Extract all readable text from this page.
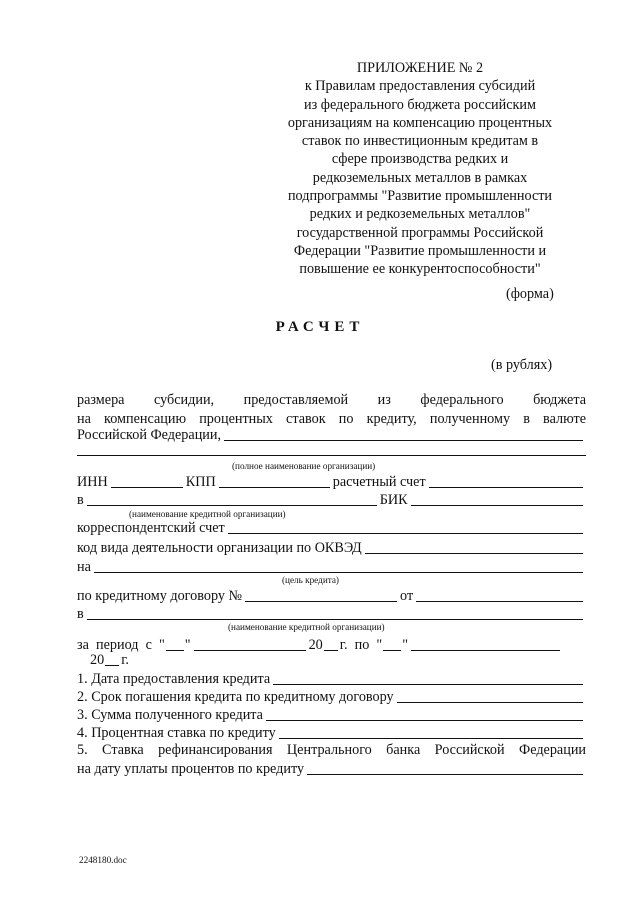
ПРИЛОЖЕНИЕ № 2
к Правилам предоставления субсидий
из федерального бюджета российским
организациям на компенсацию процентных
ставок по инвестиционным кредитам в
сфере производства редких и
редкоземельных металлов в рамках
подпрограммы "Развитие промышленности
редких и редкоземельных металлов"
государственной программы Российской
Федерации "Развитие промышленности и
повышение ее конкурентоспособности"
(форма)
РАСЧЕТ
(в рублях)
размера субсидии, предоставляемой из федерального бюджета
на компенсацию процентных ставок по кредиту, полученному в валюте
Российской Федерации,
(полное наименование организации)
ИНН	КПП	расчетный счет
в	БИК
(наименование кредитной организации)
корреспондентский счет
код вида деятельности организации по ОКВЭД
на
(цель кредита)
по кредитному договору №	от
в
(наименование кредитной организации)
за  период  с  " "	20 г.  по  " "
20 г.
1. Дата предоставления кредита
2. Срок погашения кредита по кредитному договору
3. Сумма полученного кредита
4. Процентная ставка по кредиту
5. Ставка рефинансирования Центрального банка Российской Федерации
на дату уплаты процентов по кредиту
2248180.doc
